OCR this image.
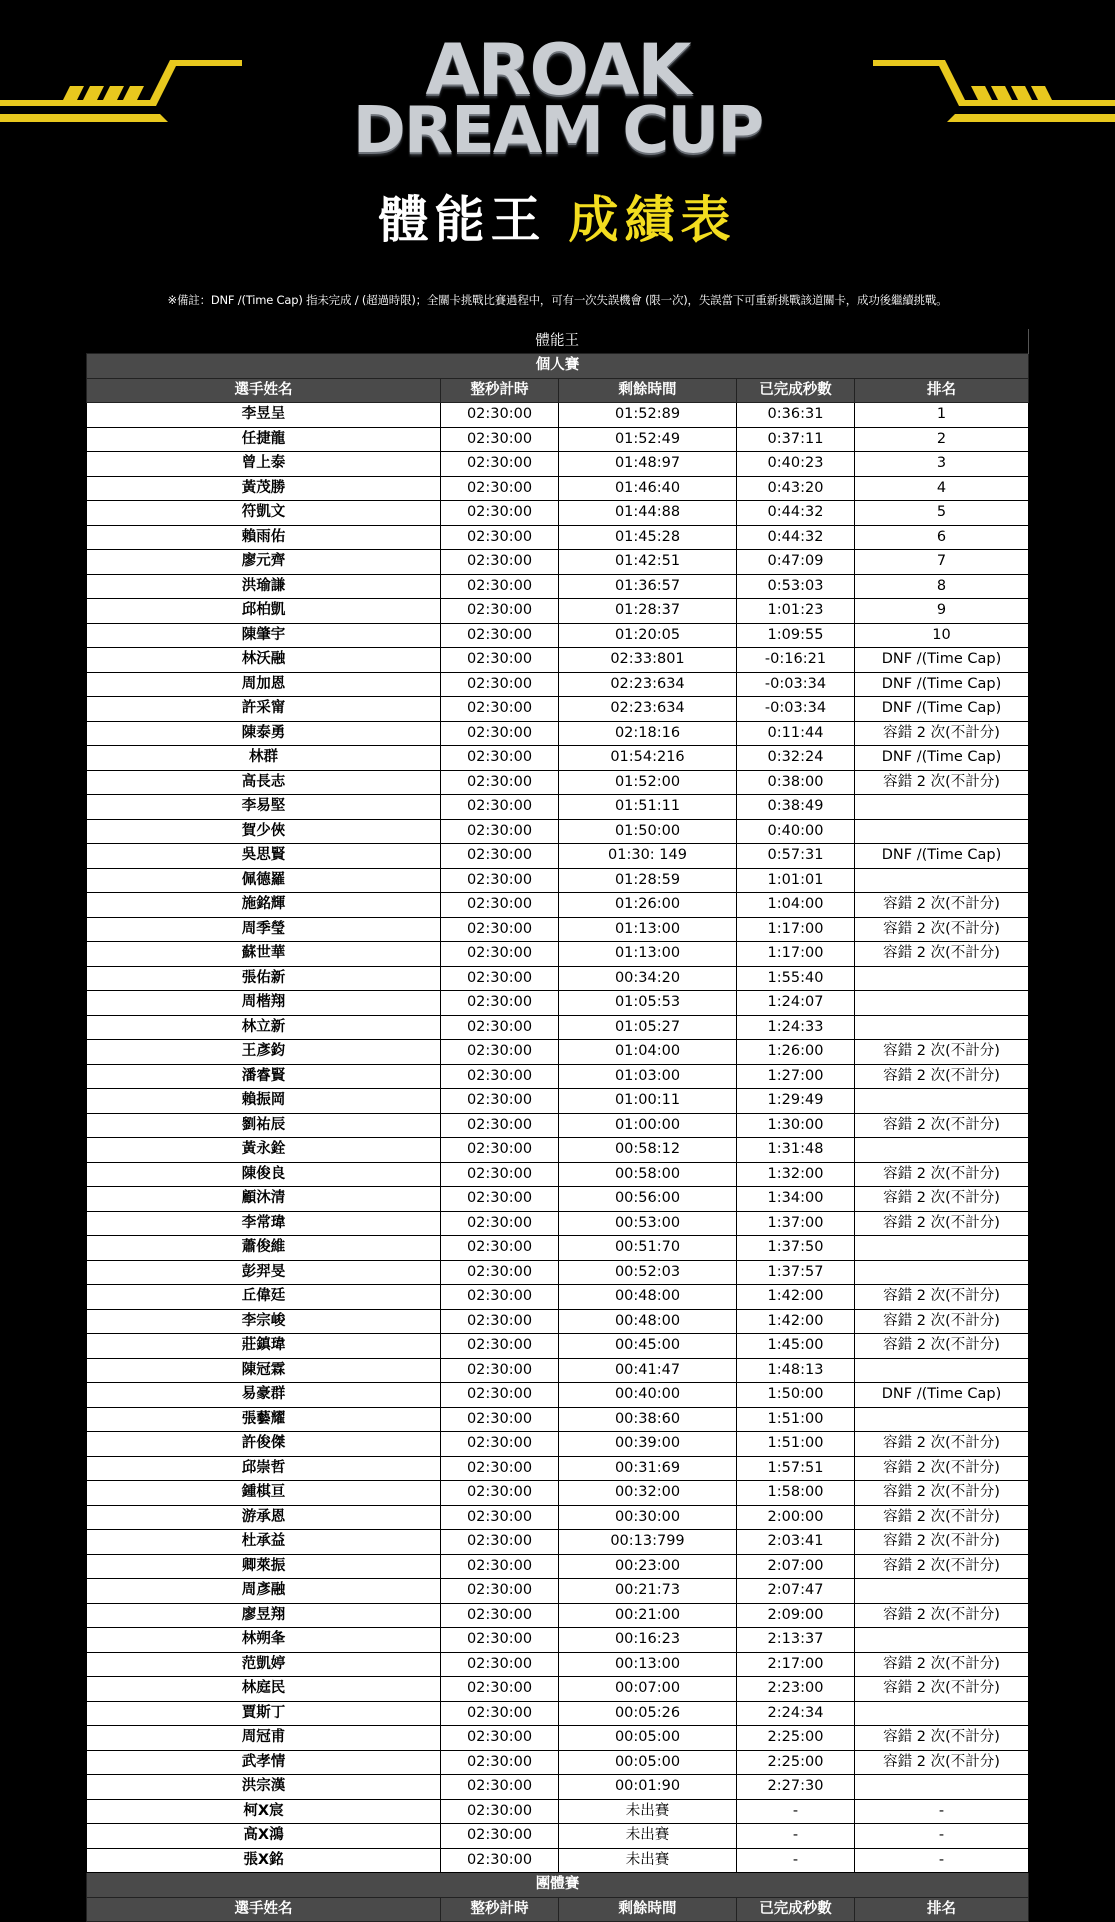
AROAK
DREAM CUP
體能王 成績表
※備註：DNF /(Time Cap) 指未完成 / (超過時限)；全關卡挑戰比賽過程中，可有一次失誤機會 (限一次)，失誤當下可重新挑戰該道關卡，成功後繼續挑戰。
體能王				
個人賽				
選手姓名	整秒計時	剩餘時間	已完成秒數	排名
李昱呈	02:30:00	01:52:89	0:36:31	1
任捷龍	02:30:00	01:52:49	0:37:11	2
曾上泰	02:30:00	01:48:97	0:40:23	3
黃茂勝	02:30:00	01:46:40	0:43:20	4
符凱文	02:30:00	01:44:88	0:44:32	5
賴雨佑	02:30:00	01:45:28	0:44:32	6
廖元齊	02:30:00	01:42:51	0:47:09	7
洪瑜謙	02:30:00	01:36:57	0:53:03	8
邱柏凱	02:30:00	01:28:37	1:01:23	9
陳肇宇	02:30:00	01:20:05	1:09:55	10
林沃融	02:30:00	02:33:801	-0:16:21	DNF /(Time Cap)
周加恩	02:30:00	02:23:634	-0:03:34	DNF /(Time Cap)
許采甯	02:30:00	02:23:634	-0:03:34	DNF /(Time Cap)
陳泰勇	02:30:00	02:18:16	0:11:44	容錯 2 次(不計分)
林群	02:30:00	01:54:216	0:32:24	DNF /(Time Cap)
高長志	02:30:00	01:52:00	0:38:00	容錯 2 次(不計分)
李易堅	02:30:00	01:51:11	0:38:49	
賀少俠	02:30:00	01:50:00	0:40:00	
吳思賢	02:30:00	01:30: 149	0:57:31	DNF /(Time Cap)
佩德羅	02:30:00	01:28:59	1:01:01	
施銘輝	02:30:00	01:26:00	1:04:00	容錯 2 次(不計分)
周季瑩	02:30:00	01:13:00	1:17:00	容錯 2 次(不計分)
蘇世華	02:30:00	01:13:00	1:17:00	容錯 2 次(不計分)
張佑新	02:30:00	00:34:20	1:55:40	
周楷翔	02:30:00	01:05:53	1:24:07	
林立新	02:30:00	01:05:27	1:24:33	
王彥鈞	02:30:00	01:04:00	1:26:00	容錯 2 次(不計分)
潘睿賢	02:30:00	01:03:00	1:27:00	容錯 2 次(不計分)
賴振岡	02:30:00	01:00:11	1:29:49	
劉祐辰	02:30:00	01:00:00	1:30:00	容錯 2 次(不計分)
黃永銓	02:30:00	00:58:12	1:31:48	
陳俊良	02:30:00	00:58:00	1:32:00	容錯 2 次(不計分)
顧沐清	02:30:00	00:56:00	1:34:00	容錯 2 次(不計分)
李常瑋	02:30:00	00:53:00	1:37:00	容錯 2 次(不計分)
蕭俊維	02:30:00	00:51:70	1:37:50	
彭羿旻	02:30:00	00:52:03	1:37:57	
丘偉廷	02:30:00	00:48:00	1:42:00	容錯 2 次(不計分)
李宗峻	02:30:00	00:48:00	1:42:00	容錯 2 次(不計分)
莊鎮瑋	02:30:00	00:45:00	1:45:00	容錯 2 次(不計分)
陳冠霖	02:30:00	00:41:47	1:48:13	
易豪群	02:30:00	00:40:00	1:50:00	DNF /(Time Cap)
張藝耀	02:30:00	00:38:60	1:51:00	
許俊傑	02:30:00	00:39:00	1:51:00	容錯 2 次(不計分)
邱崇哲	02:30:00	00:31:69	1:57:51	容錯 2 次(不計分)
鍾棋亘	02:30:00	00:32:00	1:58:00	容錯 2 次(不計分)
游承恩	02:30:00	00:30:00	2:00:00	容錯 2 次(不計分)
杜承益	02:30:00	00:13:799	2:03:41	容錯 2 次(不計分)
卿萊振	02:30:00	00:23:00	2:07:00	容錯 2 次(不計分)
周彥融	02:30:00	00:21:73	2:07:47	
廖昱翔	02:30:00	00:21:00	2:09:00	容錯 2 次(不計分)
林朔夆	02:30:00	00:16:23	2:13:37	
范凱婷	02:30:00	00:13:00	2:17:00	容錯 2 次(不計分)
林庭民	02:30:00	00:07:00	2:23:00	容錯 2 次(不計分)
賈斯丁	02:30:00	00:05:26	2:24:34	
周冠甫	02:30:00	00:05:00	2:25:00	容錯 2 次(不計分)
武孝情	02:30:00	00:05:00	2:25:00	容錯 2 次(不計分)
洪宗漢	02:30:00	00:01:90	2:27:30	
柯X宸	02:30:00	未出賽	-	-
高X鴻	02:30:00	未出賽	-	-
張X銘	02:30:00	未出賽	-	-
團體賽				
選手姓名	整秒計時	剩餘時間	已完成秒數	排名
